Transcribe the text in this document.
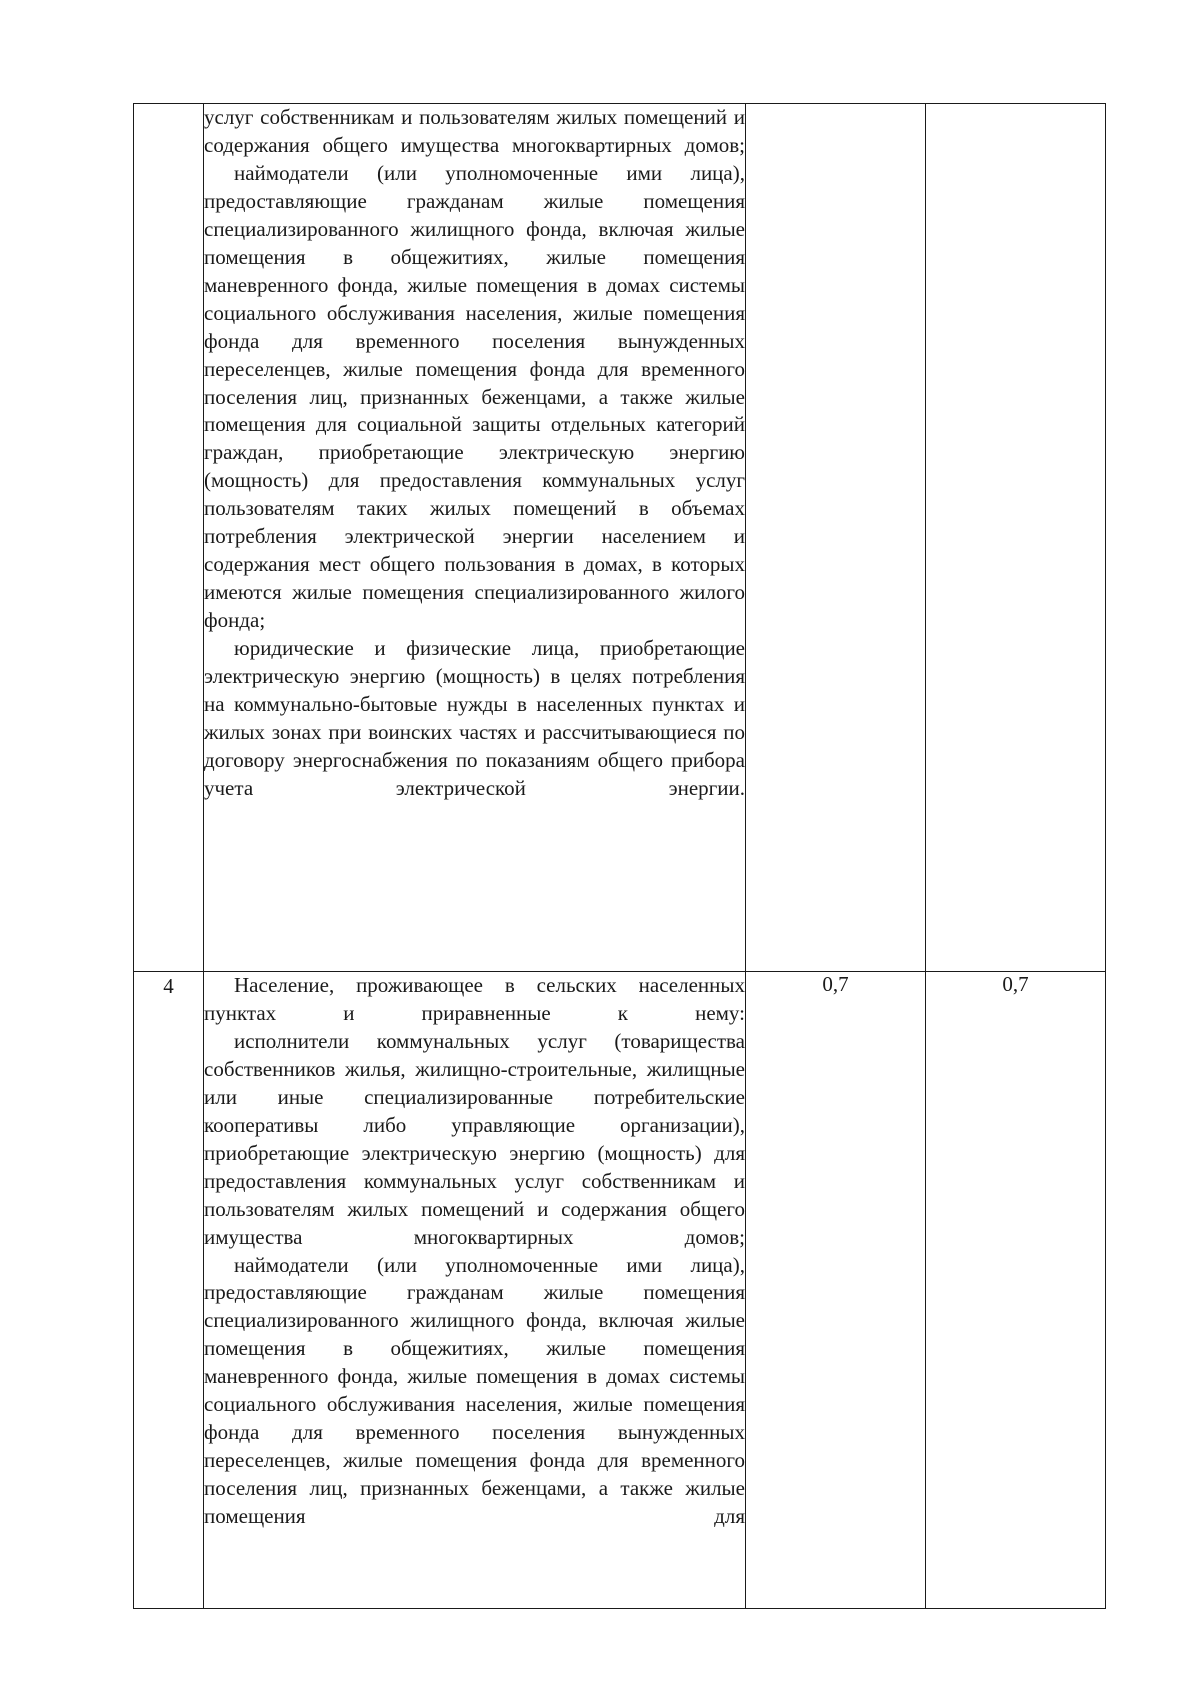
	услуг собственникам и пользователям жилых помещений и содержания общего имущества многоквартирных домов;

наймодатели (или уполномоченные ими лица), предоставляющие гражданам жилые помещения специализированного жилищного фонда, включая жилые помещения в общежитиях, жилые помещения маневренного фонда, жилые помещения в домах системы социального обслуживания населения, жилые помещения фонда для временного поселения вынужденных переселенцев, жилые помещения фонда для временного поселения лиц, признанных беженцами, а также жилые помещения для социальной защиты отдельных категорий граждан, приобретающие электрическую энергию (мощность) для предоставления коммунальных услуг пользователям таких жилых помещений в объемах потребления электрической энергии населением и содержания мест общего пользования в домах, в которых имеются жилые помещения специализированного жилого фонда;

юридические и физические лица, приобретающие электрическую энергию (мощность) в целях потребления на коммунально-бытовые нужды в населенных пунктах и жилых зонах при воинских частях и рассчитывающиеся по договору энергоснабжения по показаниям общего прибора учета электрической энергии.		

4	Население, проживающее в сельских населенных пунктах и приравненные к нему:

исполнители коммунальных услуг (товарищества собственников жилья, жилищно-строительные, жилищные или иные специализированные потребительские кооперативы либо управляющие организации), приобретающие электрическую энергию (мощность) для предоставления коммунальных услуг собственникам и пользователям жилых помещений и содержания общего имущества многоквартирных домов;

наймодатели (или уполномоченные ими лица), предоставляющие гражданам жилые помещения специализированного жилищного фонда, включая жилые помещения в общежитиях, жилые помещения маневренного фонда, жилые помещения в домах системы социального обслуживания населения, жилые помещения фонда для временного поселения вынужденных переселенцев, жилые помещения фонда для временного поселения лиц, признанных беженцами, а также жилые помещения для	0,7	0,7
